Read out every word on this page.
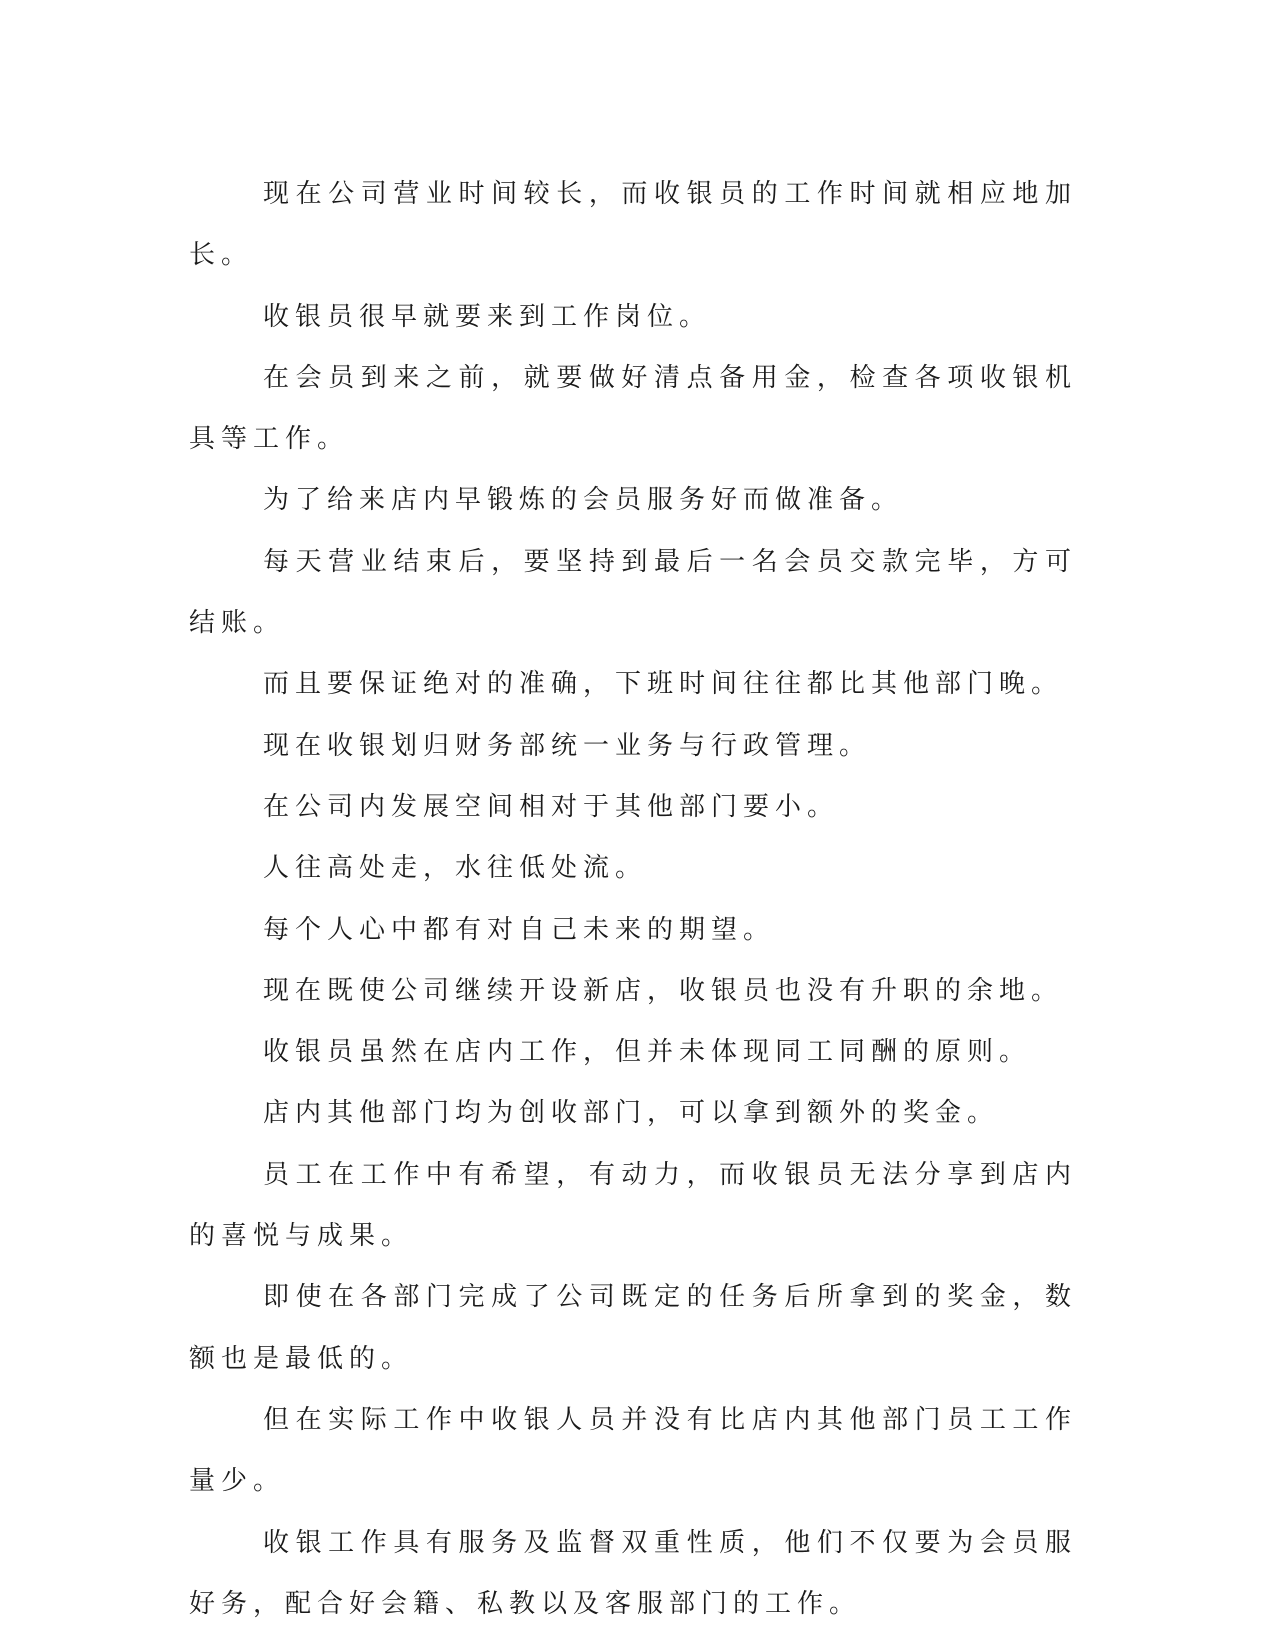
现在公司营业时间较长，而收银员的工作时间就相应地加长。

收银员很早就要来到工作岗位。

在会员到来之前，就要做好清点备用金，检查各项收银机具等工作。

为了给来店内早锻炼的会员服务好而做准备。

每天营业结束后，要坚持到最后一名会员交款完毕，方可结账。

而且要保证绝对的准确，下班时间往往都比其他部门晚。

现在收银划归财务部统一业务与行政管理。

在公司内发展空间相对于其他部门要小。

人往高处走，水往低处流。

每个人心中都有对自己未来的期望。

现在既使公司继续开设新店，收银员也没有升职的余地。

收银员虽然在店内工作，但并未体现同工同酬的原则。

店内其他部门均为创收部门，可以拿到额外的奖金。

员工在工作中有希望，有动力，而收银员无法分享到店内的喜悦与成果。

即使在各部门完成了公司既定的任务后所拿到的奖金，数额也是最低的。

但在实际工作中收银人员并没有比店内其他部门员工工作量少。

收银工作具有服务及监督双重性质，他们不仅要为会员服好务，配合好会籍、私教以及客服部门的工作。
